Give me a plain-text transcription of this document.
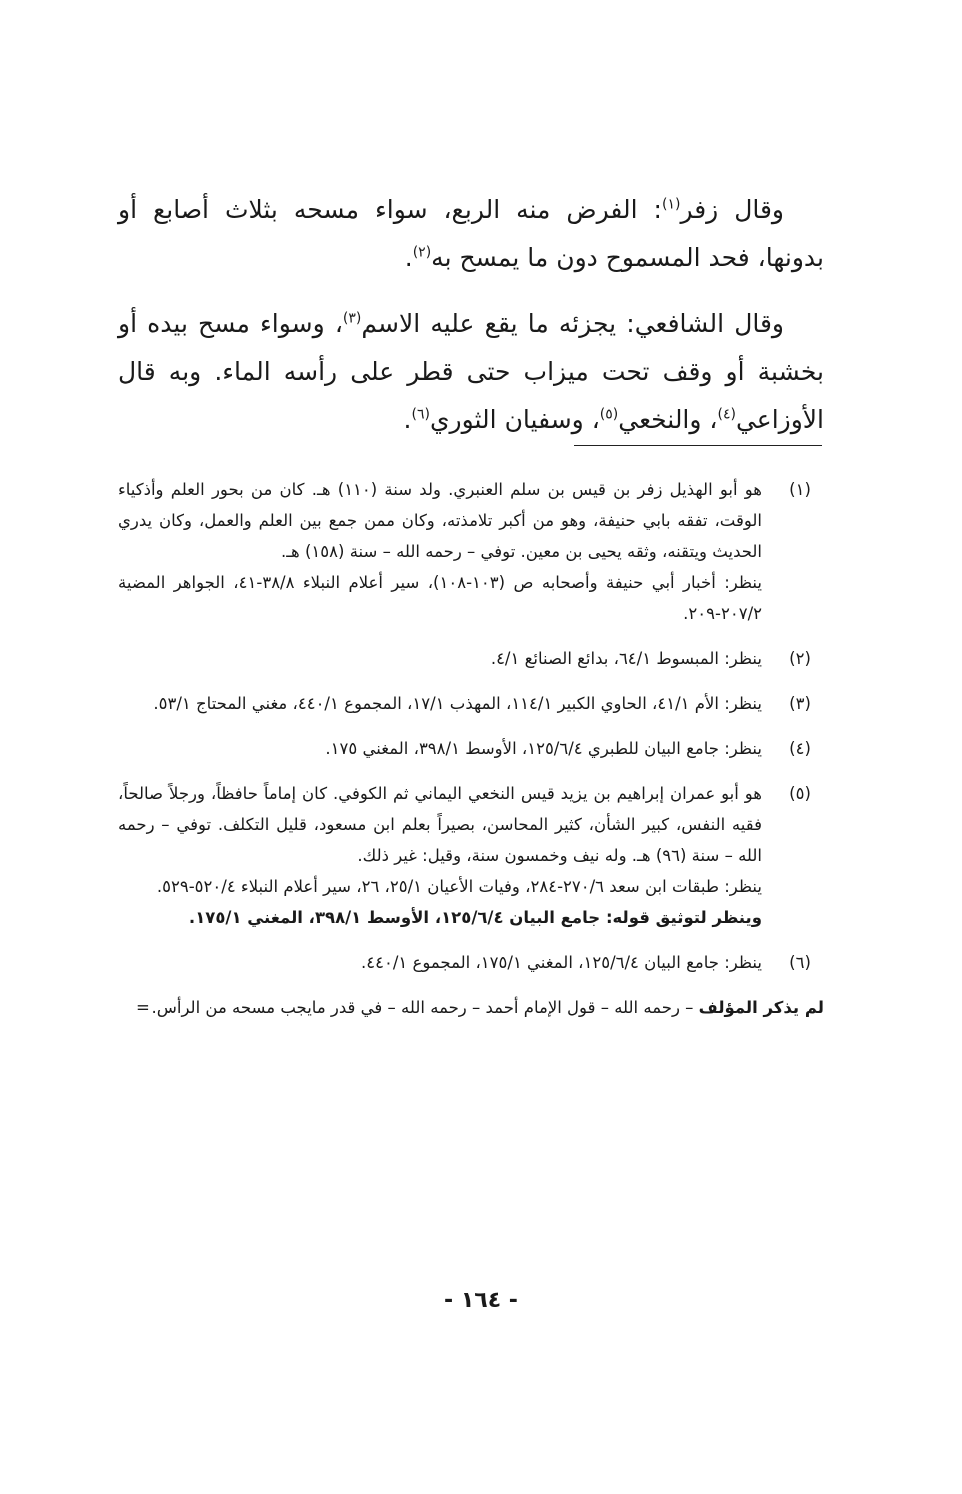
وقال زفر$^{(١)}$: الفرض منه الربع، سواء مسحه بثلاث أصابع أو بدونها، فحد المسموح دون ما يمسح به$^{(٢)}$.

وقال الشافعي: يجزئه ما يقع عليه الاسم$^{(٣)}$، وسواء مسح بيده أو بخشبة أو وقف تحت ميزاب حتى قطر على رأسه الماء. وبه قال الأوزاعي$^{(٤)}$، والنخعي$^{(٥)}$، وسفيان الثوري$^{(٦)}$.

(١)
هو أبو الهذيل زفر بن قيس بن سلم العنبري. ولد سنة (١١٠) هـ. كان من بحور العلم وأذكياء الوقت، تفقه بابي حنيفة، وهو من أكبر تلامذته، وكان ممن جمع بين العلم والعمل، وكان يدري الحديث ويتقنه، وثقه يحيى بن معين. توفي – رحمه الله – سنة (١٥٨) هـ.
ينظر: أخبار أبي حنيفة وأصحابه ص (١٠٣-١٠٨)، سير أعلام النبلاء ٣٨/٨-٤١، الجواهر المضية ٢٠٧/٢-٢٠٩.
(٢)
ينظر: المبسوط ٦٤/١، بدائع الصنائع ٤/١.
(٣)
ينظر: الأم ٤١/١، الحاوي الكبير ١١٤/١، المهذب ١٧/١، المجموع ٤٤٠/١، مغني المحتاج ٥٣/١.
(٤)
ينظر: جامع البيان للطبري ١٢٥/٦/٤، الأوسط ٣٩٨/١، المغني ١٧٥.
(٥)
هو أبو عمران إبراهيم بن يزيد قيس النخعي اليماني ثم الكوفي. كان إماماً حافظاً، ورجلاً صالحاً، فقيه النفس، كبير الشأن، كثير المحاسن، بصيراً بعلم ابن مسعود، قليل التكلف. توفي – رحمه الله – سنة (٩٦) هـ. وله نيف وخمسون سنة، وقيل: غير ذلك.
ينظر: طبقات ابن سعد ٢٧٠/٦-٢٨٤، وفيات الأعيان ٢٥/١، ٢٦، سير أعلام النبلاء ٥٢٠/٤-٥٢٩.
وينظر لتوثيق قوله: جامع البيان ١٢٥/٦/٤، الأوسط ٣٩٨/١، المغني ١٧٥/١.
(٦)
ينظر: جامع البيان ١٢٥/٦/٤، المغني ١٧٥/١، المجموع ٤٤٠/١.
لم يذكر المؤلف – رحمه الله – قول الإمام أحمد – رحمه الله – في قدر مايجب مسحه من الرأس.
=
- ١٦٤ -
